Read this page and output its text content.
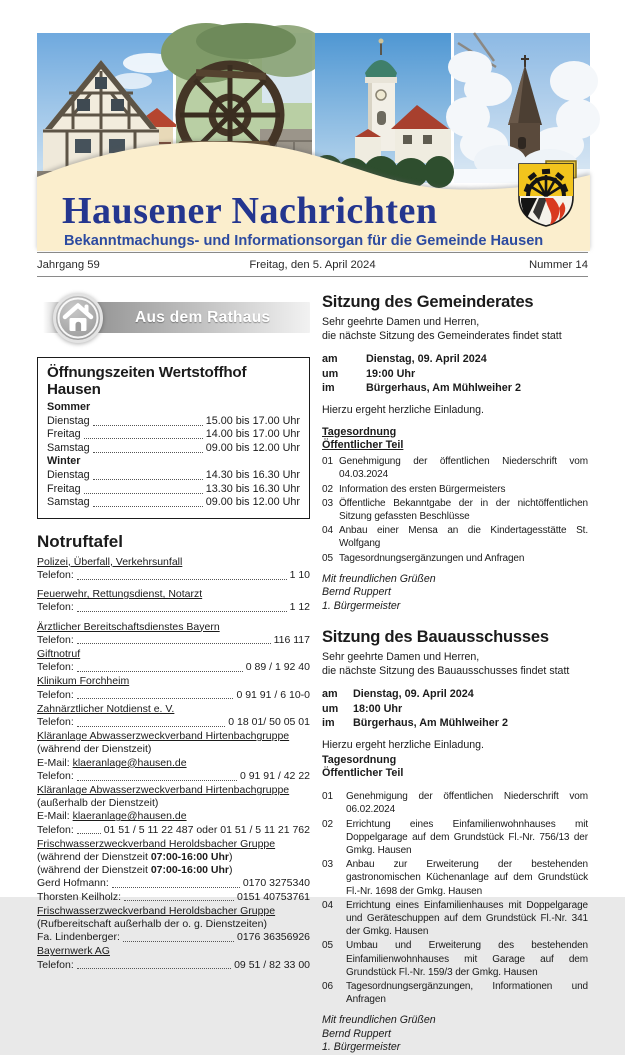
Hausener Nachrichten
Bekanntmachungs- und Informationsorgan für die Gemeinde Hausen
Jahrgang 59	Freitag, den 5. April 2024	Nummer 14
Aus dem Rathaus
Öffnungszeiten Wertstoffhof Hausen
Sommer
Dienstag	15.00 bis 17.00 Uhr
Freitag	14.00 bis 17.00 Uhr
Samstag	09.00 bis 12.00 Uhr
Winter
Dienstag	14.30 bis 16.30 Uhr
Freitag	13.30 bis 16.30 Uhr
Samstag	09.00 bis 12.00 Uhr
Notruftafel
Polizei, Überfall, Verkehrsunfall
Telefon:	1 10
Feuerwehr, Rettungsdienst, Notarzt
Telefon:	1 12
Ärztlicher Bereitschaftsdienstes Bayern
Telefon:	116 117
Giftnotruf
Telefon:	0 89 / 1 92 40
Klinikum Forchheim
Telefon:	0 91 91 / 6 10-0
Zahnärztlicher Notdienst e. V.
Telefon:	0 18 01/ 50 05 01
Kläranlage Abwasserzweckverband Hirtenbachgruppe
(während der Dienstzeit)
E-Mail: klaeranlage@hausen.de
Telefon:	0 91 91 / 42 22
Kläranlage Abwasserzweckverband Hirtenbachgruppe
(außerhalb der Dienstzeit)
E-Mail: klaeranlage@hausen.de
Telefon:	01 51 / 5 11 22 487 oder 01 51 / 5 11 21 762
Frischwasserzweckverband Heroldsbacher Gruppe
(während der Dienstzeit 07:00-16:00 Uhr)
(während der Dienstzeit 07:00-16:00 Uhr)
Gerd Hofmann:	0170 3275340
Thorsten Keilholz:	0151 40753761
Frischwasserzweckverband Heroldsbacher Gruppe
(Rufbereitschaft außerhalb der o. g. Dienstzeiten)
Fa. Lindenberger:	0176 36356926
Bayernwerk AG
Telefon:	09 51 / 82 33 00
Sitzung des Gemeinderates
Sehr geehrte Damen und Herren,
die nächste Sitzung des Gemeinderates findet statt
am	Dienstag, 09. April 2024
um	19:00 Uhr
im	Bürgerhaus, Am Mühlweiher 2
Hierzu ergeht herzliche Einladung.
Tagesordnung
Öffentlicher Teil
01 Genehmigung der öffentlichen Niederschrift vom 04.03.2024
02 Information des ersten Bürgermeisters
03 Öffentliche Bekanntgabe der in der nichtöffentlichen Sitzung gefassten Beschlüsse
04 Anbau einer Mensa an die Kindertagesstätte St. Wolfgang
05 Tagesordnungsergänzungen und Anfragen
Mit freundlichen Grüßen
Bernd Ruppert
1. Bürgermeister
Sitzung des Bauausschusses
Sehr geehrte Damen und Herren,
die nächste Sitzung des Bauausschusses findet statt
am	Dienstag, 09. April 2024
um	18:00 Uhr
im	Bürgerhaus, Am Mühlweiher 2
Hierzu ergeht herzliche Einladung.
Tagesordnung
Öffentlicher Teil
01	Genehmigung der öffentlichen Niederschrift vom 06.02.2024
02	Errichtung eines Einfamilienwohnhauses mit Doppelgarage auf dem Grundstück Fl.-Nr. 756/13 der Gmkg. Hausen
03	Anbau zur Erweiterung der bestehenden gastronomischen Küchenanlage auf dem Grundstück Fl.-Nr. 1698 der Gmkg. Hausen
04	Errichtung eines Einfamilienhauses mit Doppelgarage und Geräteschuppen auf dem Grundstück Fl.-Nr. 341 der Gmkg. Hausen
05	Umbau und Erweiterung des bestehenden Einfamilienwohnhauses mit Garage auf dem Grundstück Fl.-Nr. 159/3 der Gmkg. Hausen
06	Tagesordnungsergänzungen, Informationen und Anfragen
Mit freundlichen Grüßen
Bernd Ruppert
1. Bürgermeister
